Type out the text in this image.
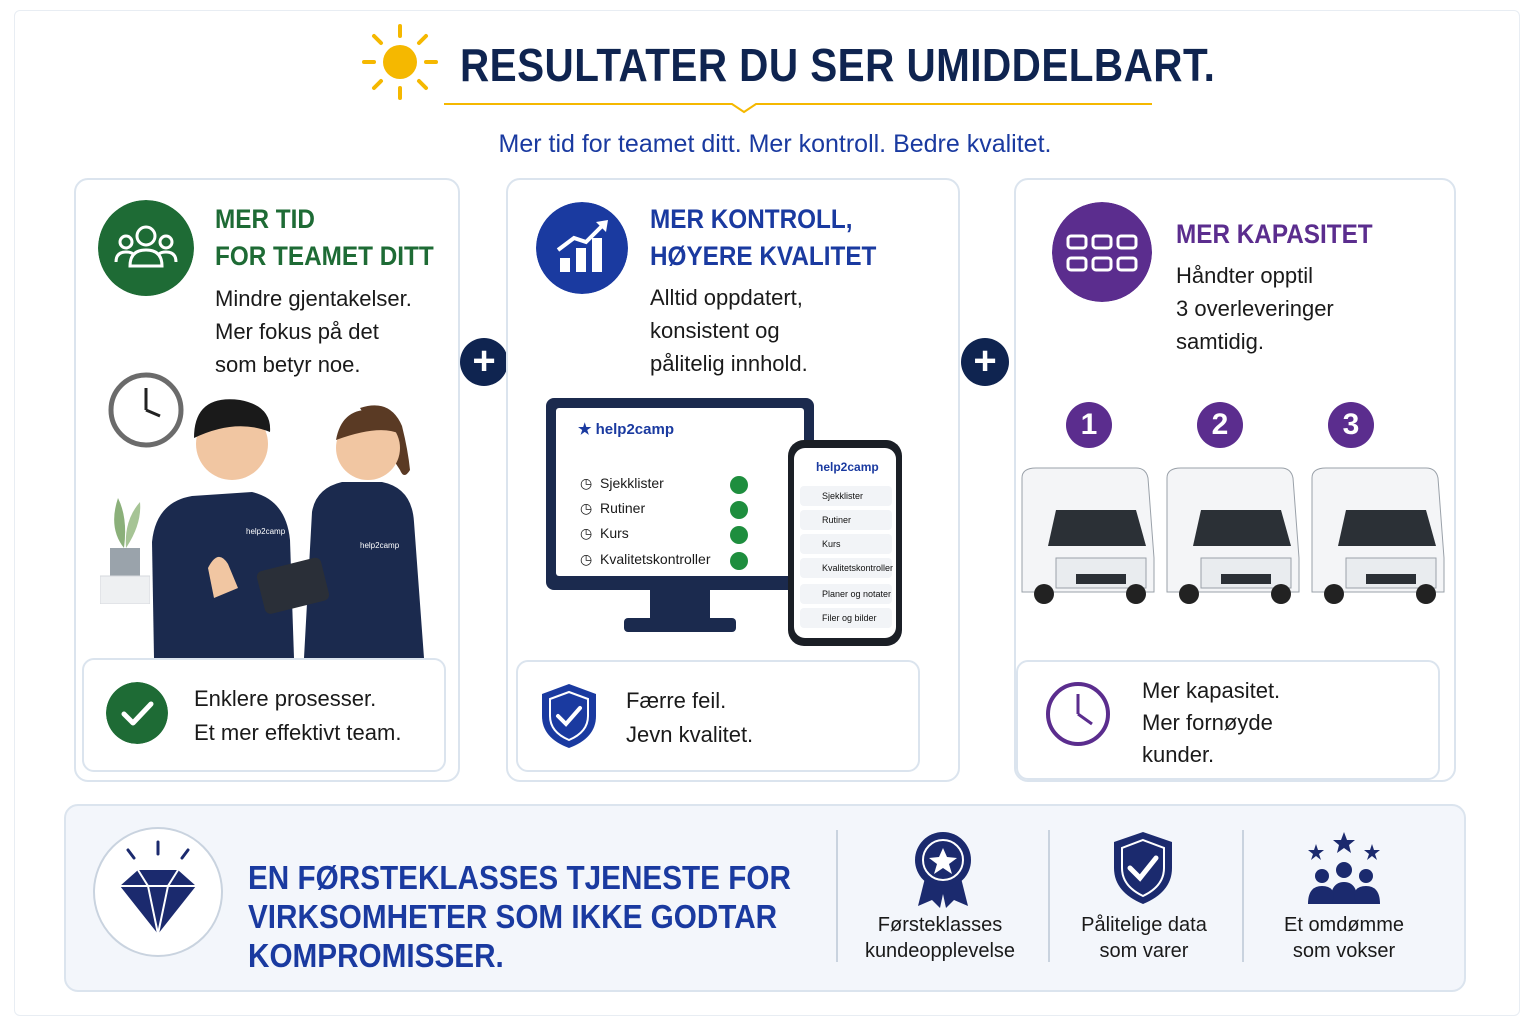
RESULTATER DU SER UMIDDELBART.
Mer tid for teamet ditt. Mer kontroll. Bedre kvalitet.
MER TID
FOR TEAMET DITT
Mindre gjentakelser.
Mer fokus på det
som betyr noe.
help2camp
help2camp
Enklere prosesser.
Et mer effektivt team.
+
MER KONTROLL,
HØYERE KVALITET
Alltid oppdatert,
konsistent og
pålitelig innhold.
★ help2camp
◷  Sjekklister
◷  Rutiner
◷  Kurs
◷  Kvalitetskontroller
help2camp
Sjekklister
Rutiner
Kurs
Kvalitetskontroller
Planer og notater
Filer og bilder
Færre feil.
Jevn kvalitet.
+
MER KAPASITET
Håndter opptil
3 overleveringer
samtidig.
1	2	3
Mer kapasitet.
Mer fornøyde
kunder.
EN FØRSTEKLASSES TJENESTE FOR
VIRKSOMHETER SOM IKKE GODTAR
KOMPROMISSER.
Førsteklasses
kundeopplevelse
Pålitelige data
som varer
Et omdømme
som vokser
